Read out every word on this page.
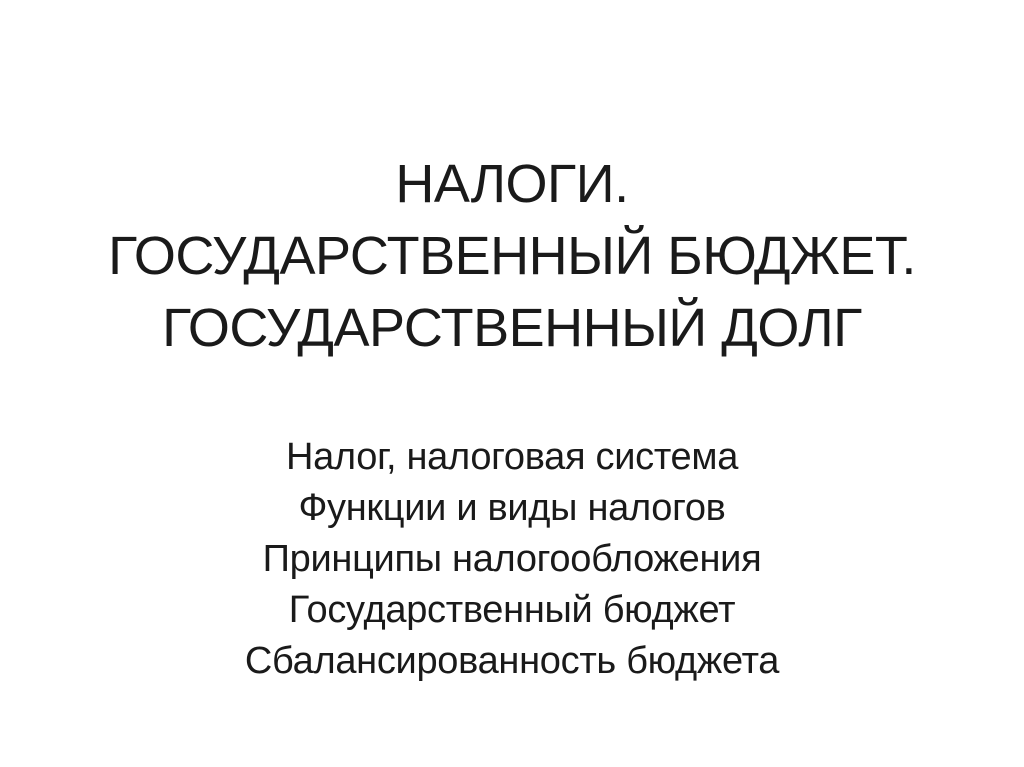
НАЛОГИ.
ГОСУДАРСТВЕННЫЙ БЮДЖЕТ.
ГОСУДАРСТВЕННЫЙ ДОЛГ
Налог, налоговая система
Функции и виды налогов
Принципы налогообложения
Государственный бюджет
Сбалансированность бюджета
